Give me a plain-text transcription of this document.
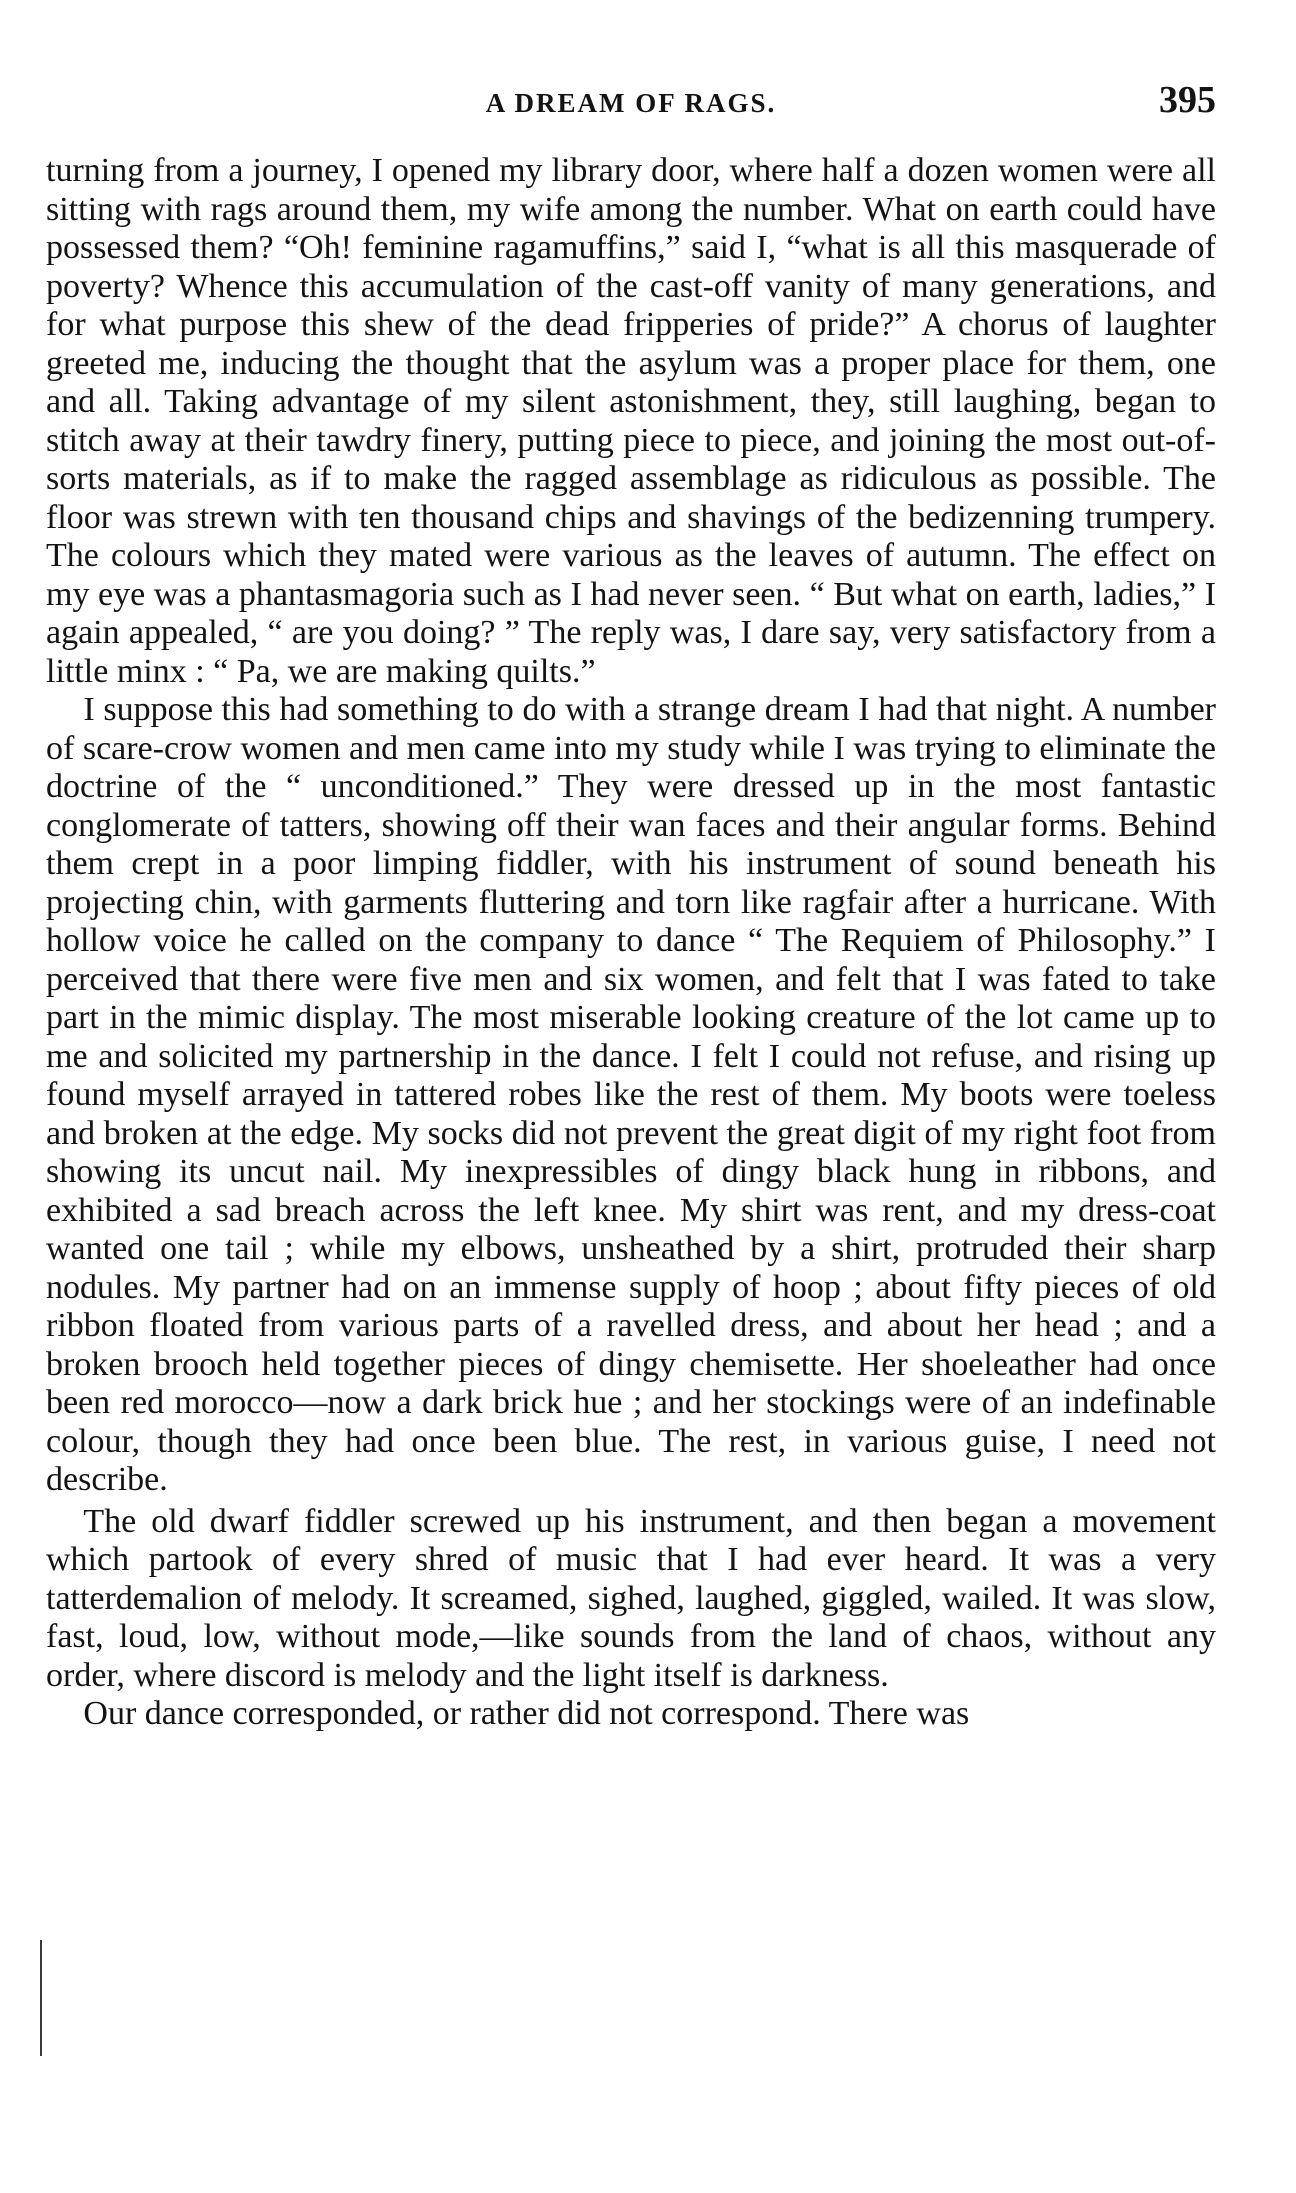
A DREAM OF RAGS.	395

turning from a journey, I opened my library door, where half a dozen women were all sitting with rags around them, my wife among the number. What on earth could have possessed them? “Oh! feminine ragamuffins,” said I, “what is all this masquerade of poverty? Whence this accumulation of the cast-off vanity of many generations, and for what purpose this shew of the dead fripperies of pride?” A chorus of laughter greeted me, inducing the thought that the asylum was a proper place for them, one and all. Taking advantage of my silent astonishment, they, still laughing, began to stitch away at their tawdry finery, putting piece to piece, and joining the most out-of-sorts materials, as if to make the ragged assemblage as ridiculous as possible. The floor was strewn with ten thousand chips and shavings of the bedizenning trumpery. The colours which they mated were various as the leaves of autumn. The effect on my eye was a phantasmagoria such as I had never seen. “ But what on earth, ladies,” I again appealed, “ are you doing? ” The reply was, I dare say, very satisfactory from a little minx : “ Pa, we are making quilts.”

I suppose this had something to do with a strange dream I had that night. A number of scare-crow women and men came into my study while I was trying to eliminate the doctrine of the “ unconditioned.” They were dressed up in the most fantastic conglomerate of tatters, showing off their wan faces and their angular forms. Behind them crept in a poor limping fiddler, with his instrument of sound beneath his projecting chin, with garments fluttering and torn like ragfair after a hurricane. With hollow voice he called on the company to dance “ The Requiem of Philosophy.” I perceived that there were five men and six women, and felt that I was fated to take part in the mimic display. The most miserable looking creature of the lot came up to me and solicited my partnership in the dance. I felt I could not refuse, and rising up found myself arrayed in tattered robes like the rest of them. My boots were toeless and broken at the edge. My socks did not prevent the great digit of my right foot from showing its uncut nail. My inexpressibles of dingy black hung in ribbons, and exhibited a sad breach across the left knee. My shirt was rent, and my dress-coat wanted one tail ; while my elbows, unsheathed by a shirt, protruded their sharp nodules. My partner had on an immense supply of hoop ; about fifty pieces of old ribbon floated from various parts of a ravelled dress, and about her head ; and a broken brooch held together pieces of dingy chemisette. Her shoeleather had once been red morocco—now a dark brick hue ; and her stockings were of an indefinable colour, though they had once been blue. The rest, in various guise, I need not describe.

The old dwarf fiddler screwed up his instrument, and then began a movement which partook of every shred of music that I had ever heard. It was a very tatterdemalion of melody. It screamed, sighed, laughed, giggled, wailed. It was slow, fast, loud, low, without mode,—like sounds from the land of chaos, without any order, where discord is melody and the light itself is darkness.

Our dance corresponded, or rather did not correspond. There was
